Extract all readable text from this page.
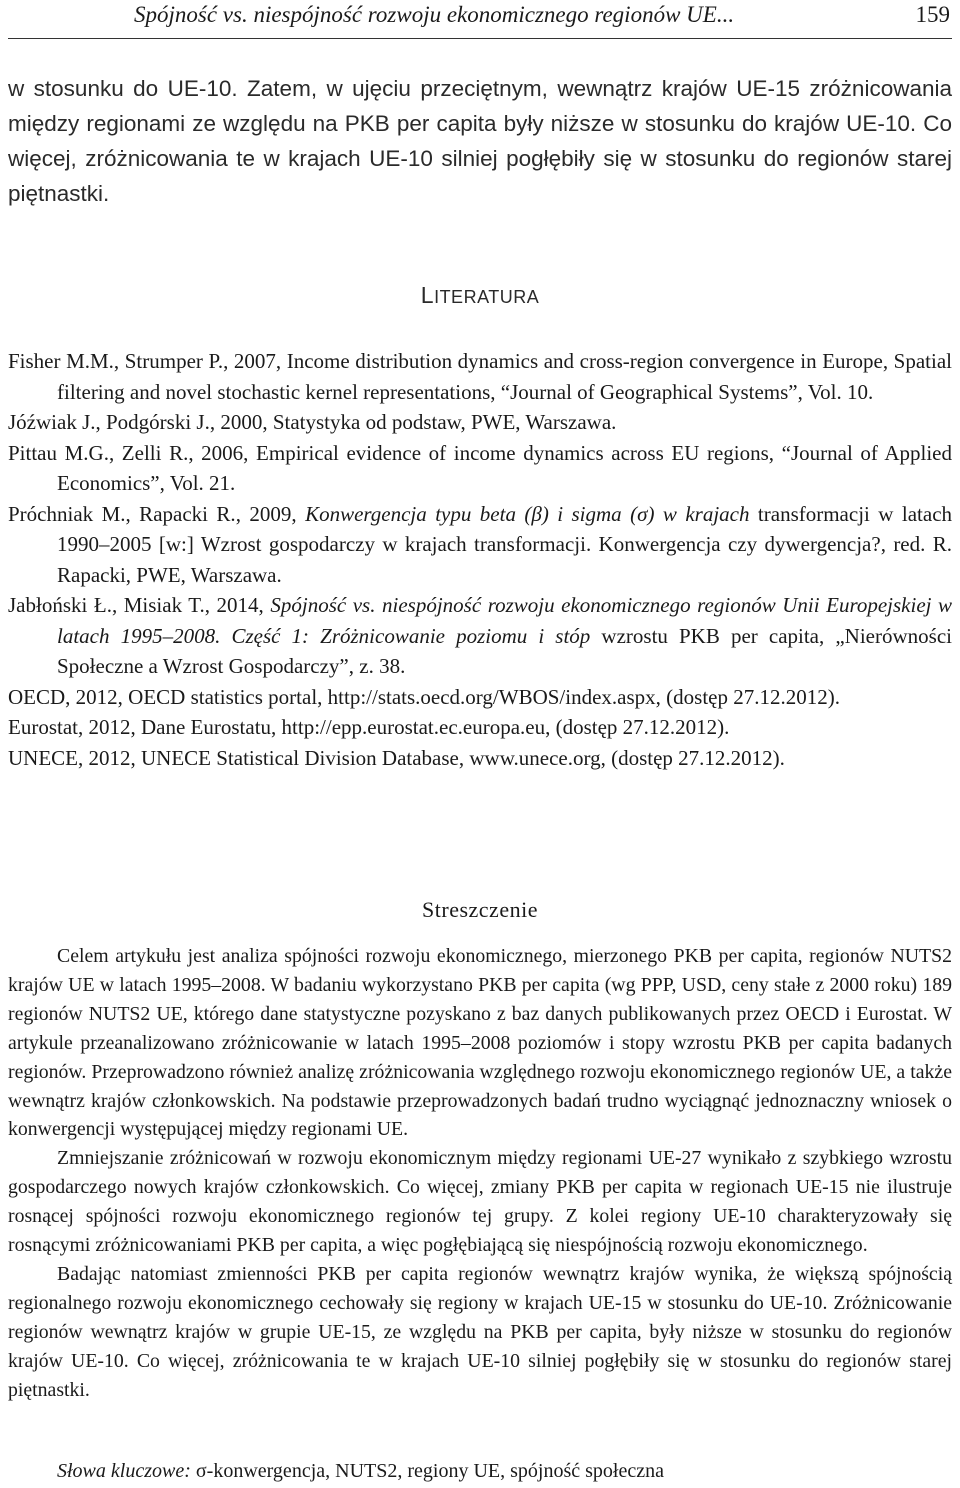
Spójność vs. niespójność rozwoju ekonomicznego regionów UE...	159

w stosunku do UE-10. Zatem, w ujęciu przeciętnym, wewnątrz krajów UE-15 zróżnicowania między regionami ze względu na PKB per capita były niższe w stosunku do krajów UE-10. Co więcej, zróżnicowania te w krajach UE-10 silniej pogłębiły się w stosunku do regionów starej piętnastki.

LITERATURA
Fisher M.M., Strumper P., 2007, Income distribution dynamics and cross-region convergence in Europe, Spatial filtering and novel stochastic kernel representations, “Journal of Geographical Systems”, Vol. 10.
Jóźwiak J., Podgórski J., 2000, Statystyka od podstaw, PWE, Warszawa.
Pittau M.G., Zelli R., 2006, Empirical evidence of income dynamics across EU regions, “Journal of Applied Economics”, Vol. 21.
Próchniak M., Rapacki R., 2009, Konwergencja typu beta (β) i sigma (σ) w krajach transformacji w latach 1990–2005 [w:] Wzrost gospodarczy w krajach transformacji. Konwergencja czy dywergencja?, red. R. Rapacki, PWE, Warszawa.
Jabłoński Ł., Misiak T., 2014, Spójność vs. niespójność rozwoju ekonomicznego regionów Unii Europejskiej w latach 1995–2008. Część 1: Zróżnicowanie poziomu i stóp wzrostu PKB per capita, „Nierówności Społeczne a Wzrost Gospodarczy”, z. 38.
OECD, 2012, OECD statistics portal, http://stats.oecd.org/WBOS/index.aspx, (dostęp 27.12.2012).
Eurostat, 2012, Dane Eurostatu, http://epp.eurostat.ec.europa.eu, (dostęp 27.12.2012).
UNECE, 2012, UNECE Statistical Division Database, www.unece.org, (dostęp 27.12.2012).
Streszczenie

Celem artykułu jest analiza spójności rozwoju ekonomicznego, mierzonego PKB per capita, regionów NUTS2 krajów UE w latach 1995–2008. W badaniu wykorzystano PKB per capita (wg PPP, USD, ceny stałe z 2000 roku) 189 regionów NUTS2 UE, którego dane statystyczne pozyskano z baz danych publikowanych przez OECD i Eurostat. W artykule przeanalizowano zróżnicowanie w latach 1995–2008 poziomów i stopy wzrostu PKB per capita badanych regionów. Przeprowadzono również analizę zróżnicowania względnego rozwoju ekonomicznego regionów UE, a także wewnątrz krajów członkowskich. Na podstawie przeprowadzonych badań trudno wyciągnąć jednoznaczny wniosek o konwergencji występującej między regionami UE.

Zmniejszanie zróżnicowań w rozwoju ekonomicznym między regionami UE-27 wynikało z szybkiego wzrostu gospodarczego nowych krajów członkowskich. Co więcej, zmiany PKB per capita w regionach UE-15 nie ilustruje rosnącej spójności rozwoju ekonomicznego regionów tej grupy. Z kolei regiony UE-10 charakteryzowały się rosnącymi zróżnicowaniami PKB per capita, a więc pogłębiającą się niespójnością rozwoju ekonomicznego.

Badając natomiast zmienności PKB per capita regionów wewnątrz krajów wynika, że większą spójnością regionalnego rozwoju ekonomicznego cechowały się regiony w krajach UE-15 w stosunku do UE-10. Zróżnicowanie regionów wewnątrz krajów w grupie UE-15, ze względu na PKB per capita, były niższe w stosunku do regionów krajów UE-10. Co więcej, zróżnicowania te w krajach UE-10 silniej pogłębiły się w stosunku do regionów starej piętnastki.

Słowa kluczowe: σ-konwergencja, NUTS2, regiony UE, spójność społeczna
